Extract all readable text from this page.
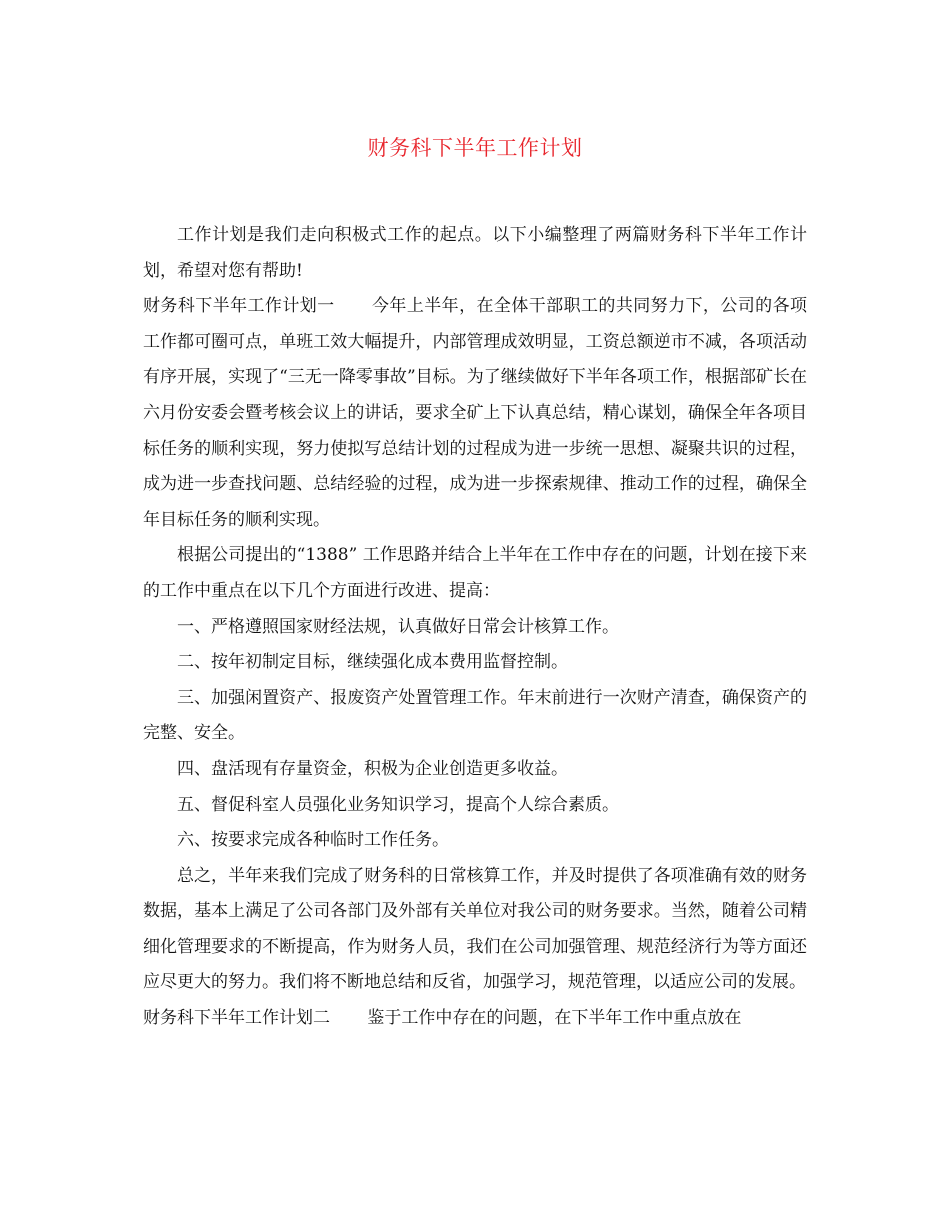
财务科下半年工作计划

工作计划是我们走向积极式工作的起点。以下小编整理了两篇财务科下半年工作计划，希望对您有帮助!

财务科下半年工作计划一 今年上半年，在全体干部职工的共同努力下，公司的各项工作都可圈可点，单班工效大幅提升，内部管理成效明显，工资总额逆市不减，各项活动有序开展，实现了“三无一降零事故”目标。为了继续做好下半年各项工作，根据部矿长在六月份安委会暨考核会议上的讲话，要求全矿上下认真总结，精心谋划，确保全年各项目标任务的顺利实现，努力使拟写总结计划的过程成为进一步统一思想、凝聚共识的过程，成为进一步查找问题、总结经验的过程，成为进一步探索规律、推动工作的过程，确保全年目标任务的顺利实现。

根据公司提出的“1388” 工作思路并结合上半年在工作中存在的问题，计划在接下来的工作中重点在以下几个方面进行改进、提高：

一、严格遵照国家财经法规，认真做好日常会计核算工作。

二、按年初制定目标，继续强化成本费用监督控制。

三、加强闲置资产、报废资产处置管理工作。年末前进行一次财产清查，确保资产的完整、安全。

四、盘活现有存量资金，积极为企业创造更多收益。

五、督促科室人员强化业务知识学习，提高个人综合素质。

六、按要求完成各种临时工作任务。

总之，半年来我们完成了财务科的日常核算工作，并及时提供了各项准确有效的财务数据，基本上满足了公司各部门及外部有关单位对我公司的财务要求。当然，随着公司精细化管理要求的不断提高，作为财务人员，我们在公司加强管理、规范经济行为等方面还应尽更大的努力。我们将不断地总结和反省，加强学习，规范管理，以适应公司的发展。

财务科下半年工作计划二 鉴于工作中存在的问题，在下半年工作中重点放在
